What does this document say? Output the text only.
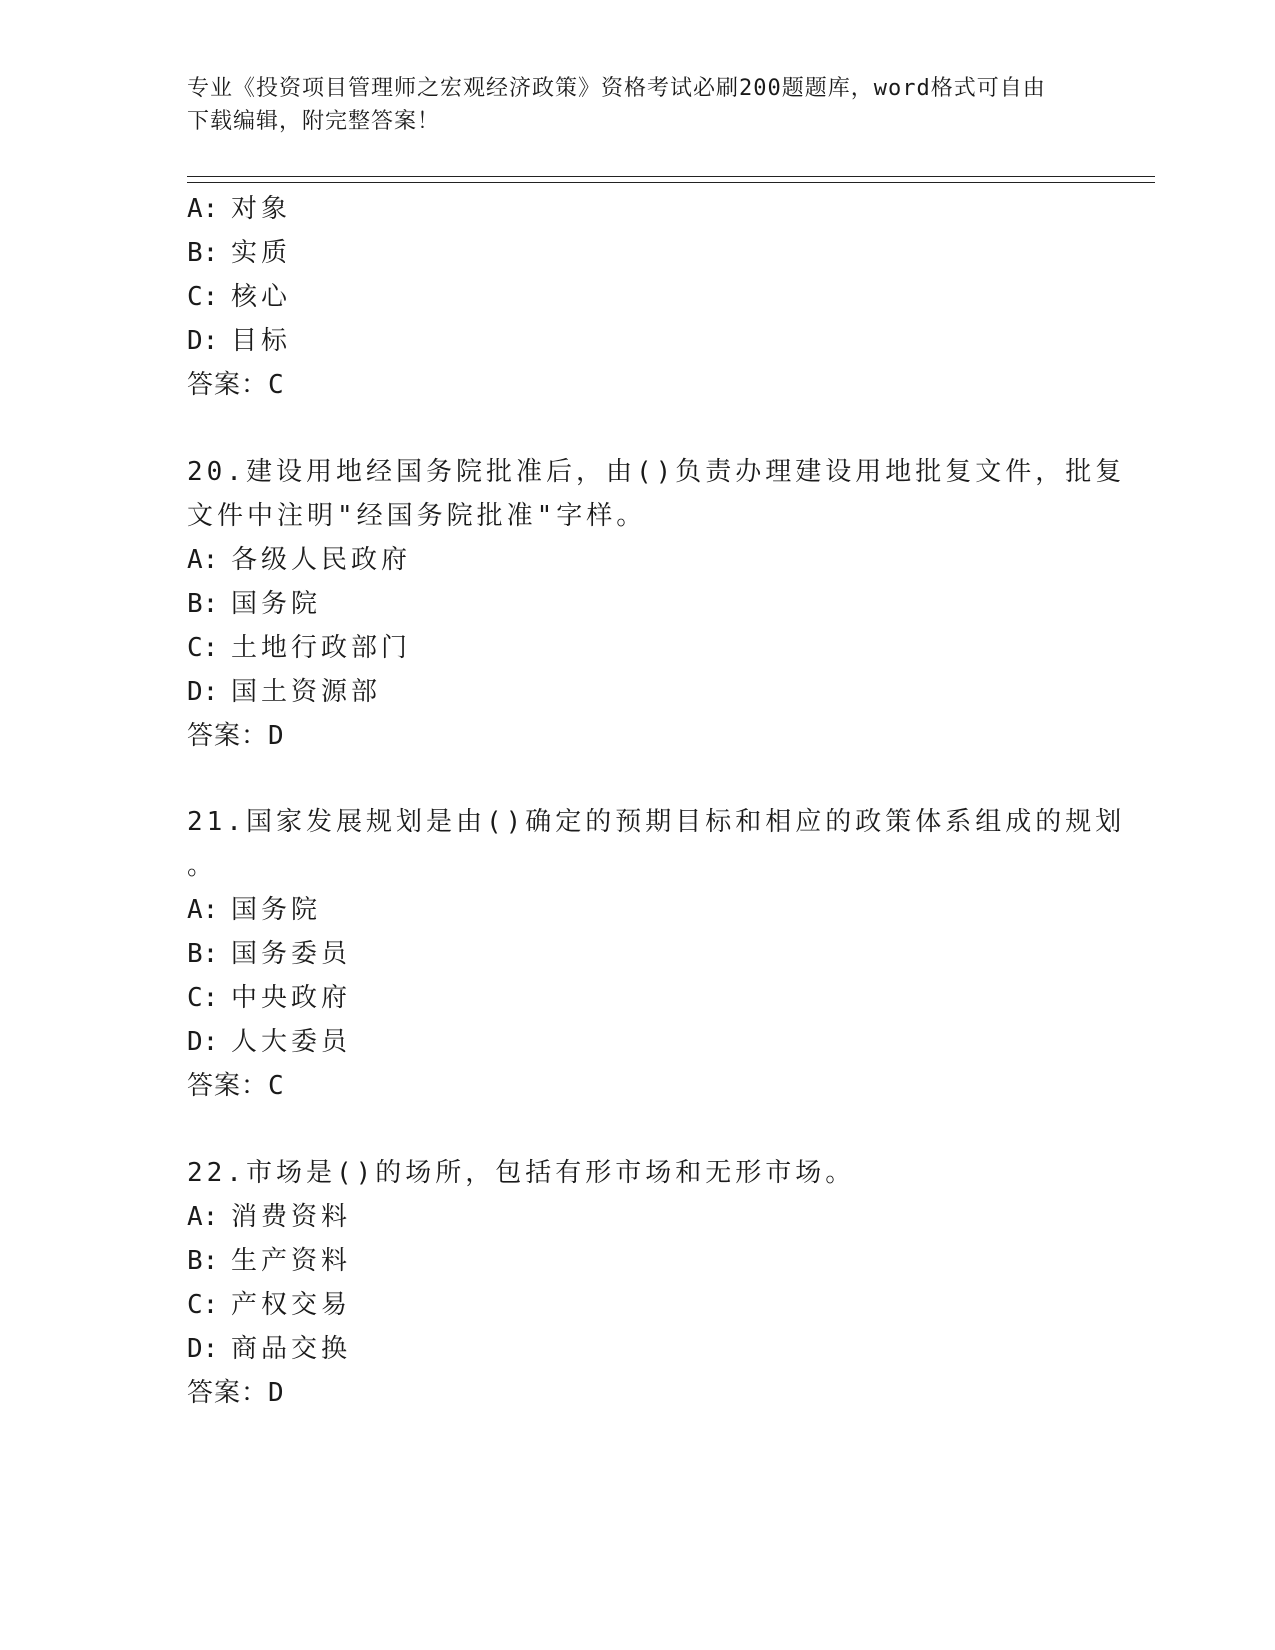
专业《投资项目管理师之宏观经济政策》资格考试必刷200题题库，word格式可自由下载编辑，附完整答案！
A: 对象
B: 实质
C: 核心
D: 目标
答案：C
20.建设用地经国务院批准后，由()负责办理建设用地批复文件，批复
文件中注明"经国务院批准"字样。
A: 各级人民政府
B: 国务院
C: 土地行政部门
D: 国土资源部
答案：D
21.国家发展规划是由()确定的预期目标和相应的政策体系组成的规划
。
A: 国务院
B: 国务委员
C: 中央政府
D: 人大委员
答案：C
22.市场是()的场所，包括有形市场和无形市场。
A: 消费资料
B: 生产资料
C: 产权交易
D: 商品交换
答案：D
